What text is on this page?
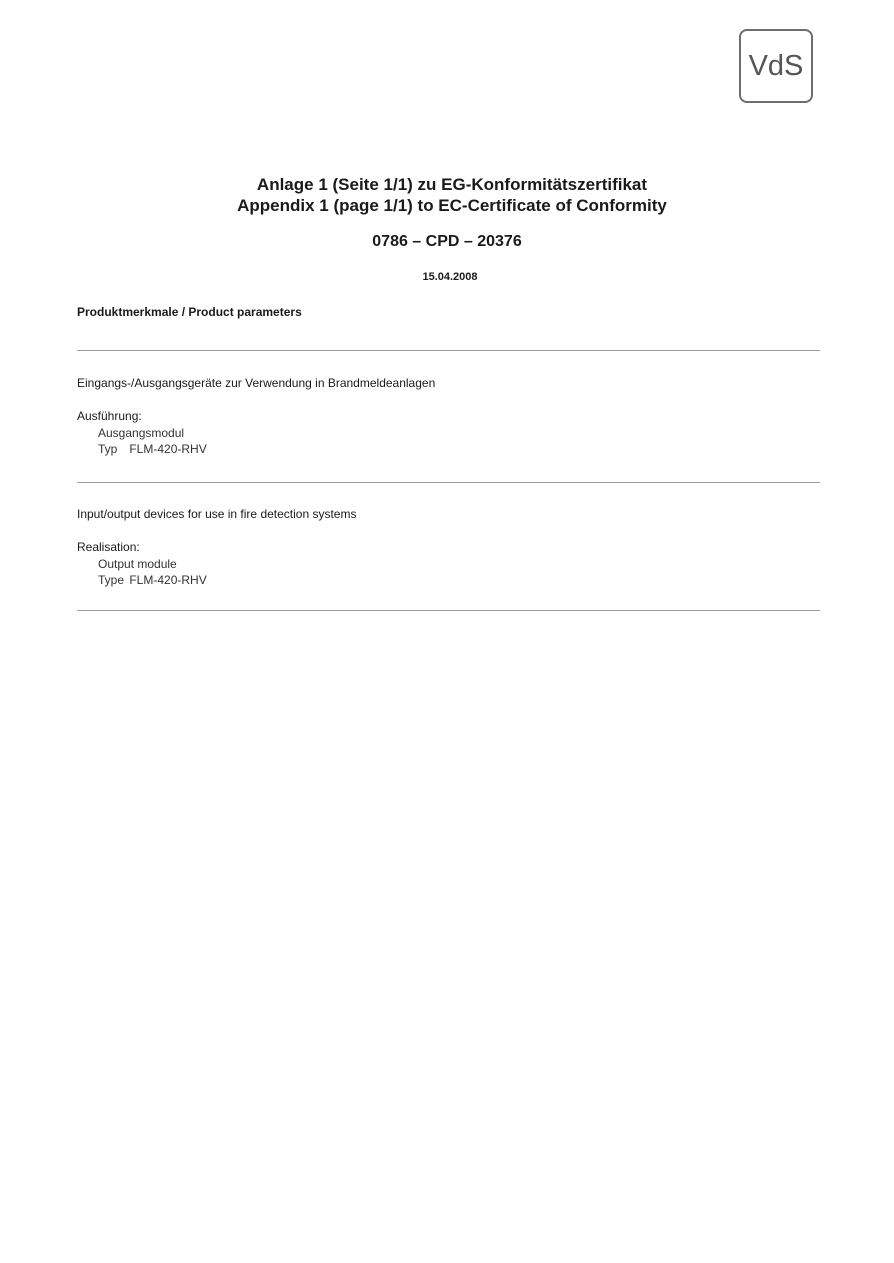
VdS
Anlage 1 (Seite 1/1) zu EG-Konformitätszertifikat
Appendix 1 (page 1/1) to EC-Certificate of Conformity
0786 – CPD – 20376
15.04.2008
Produktmerkmale / Product parameters
Eingangs-/Ausgangsgeräte zur Verwendung in Brandmeldeanlagen
Ausführung:
Ausgangsmodul
Typ FLM-420-RHV
Input/output devices for use in fire detection systems
Realisation:
Output module
Type FLM-420-RHV
